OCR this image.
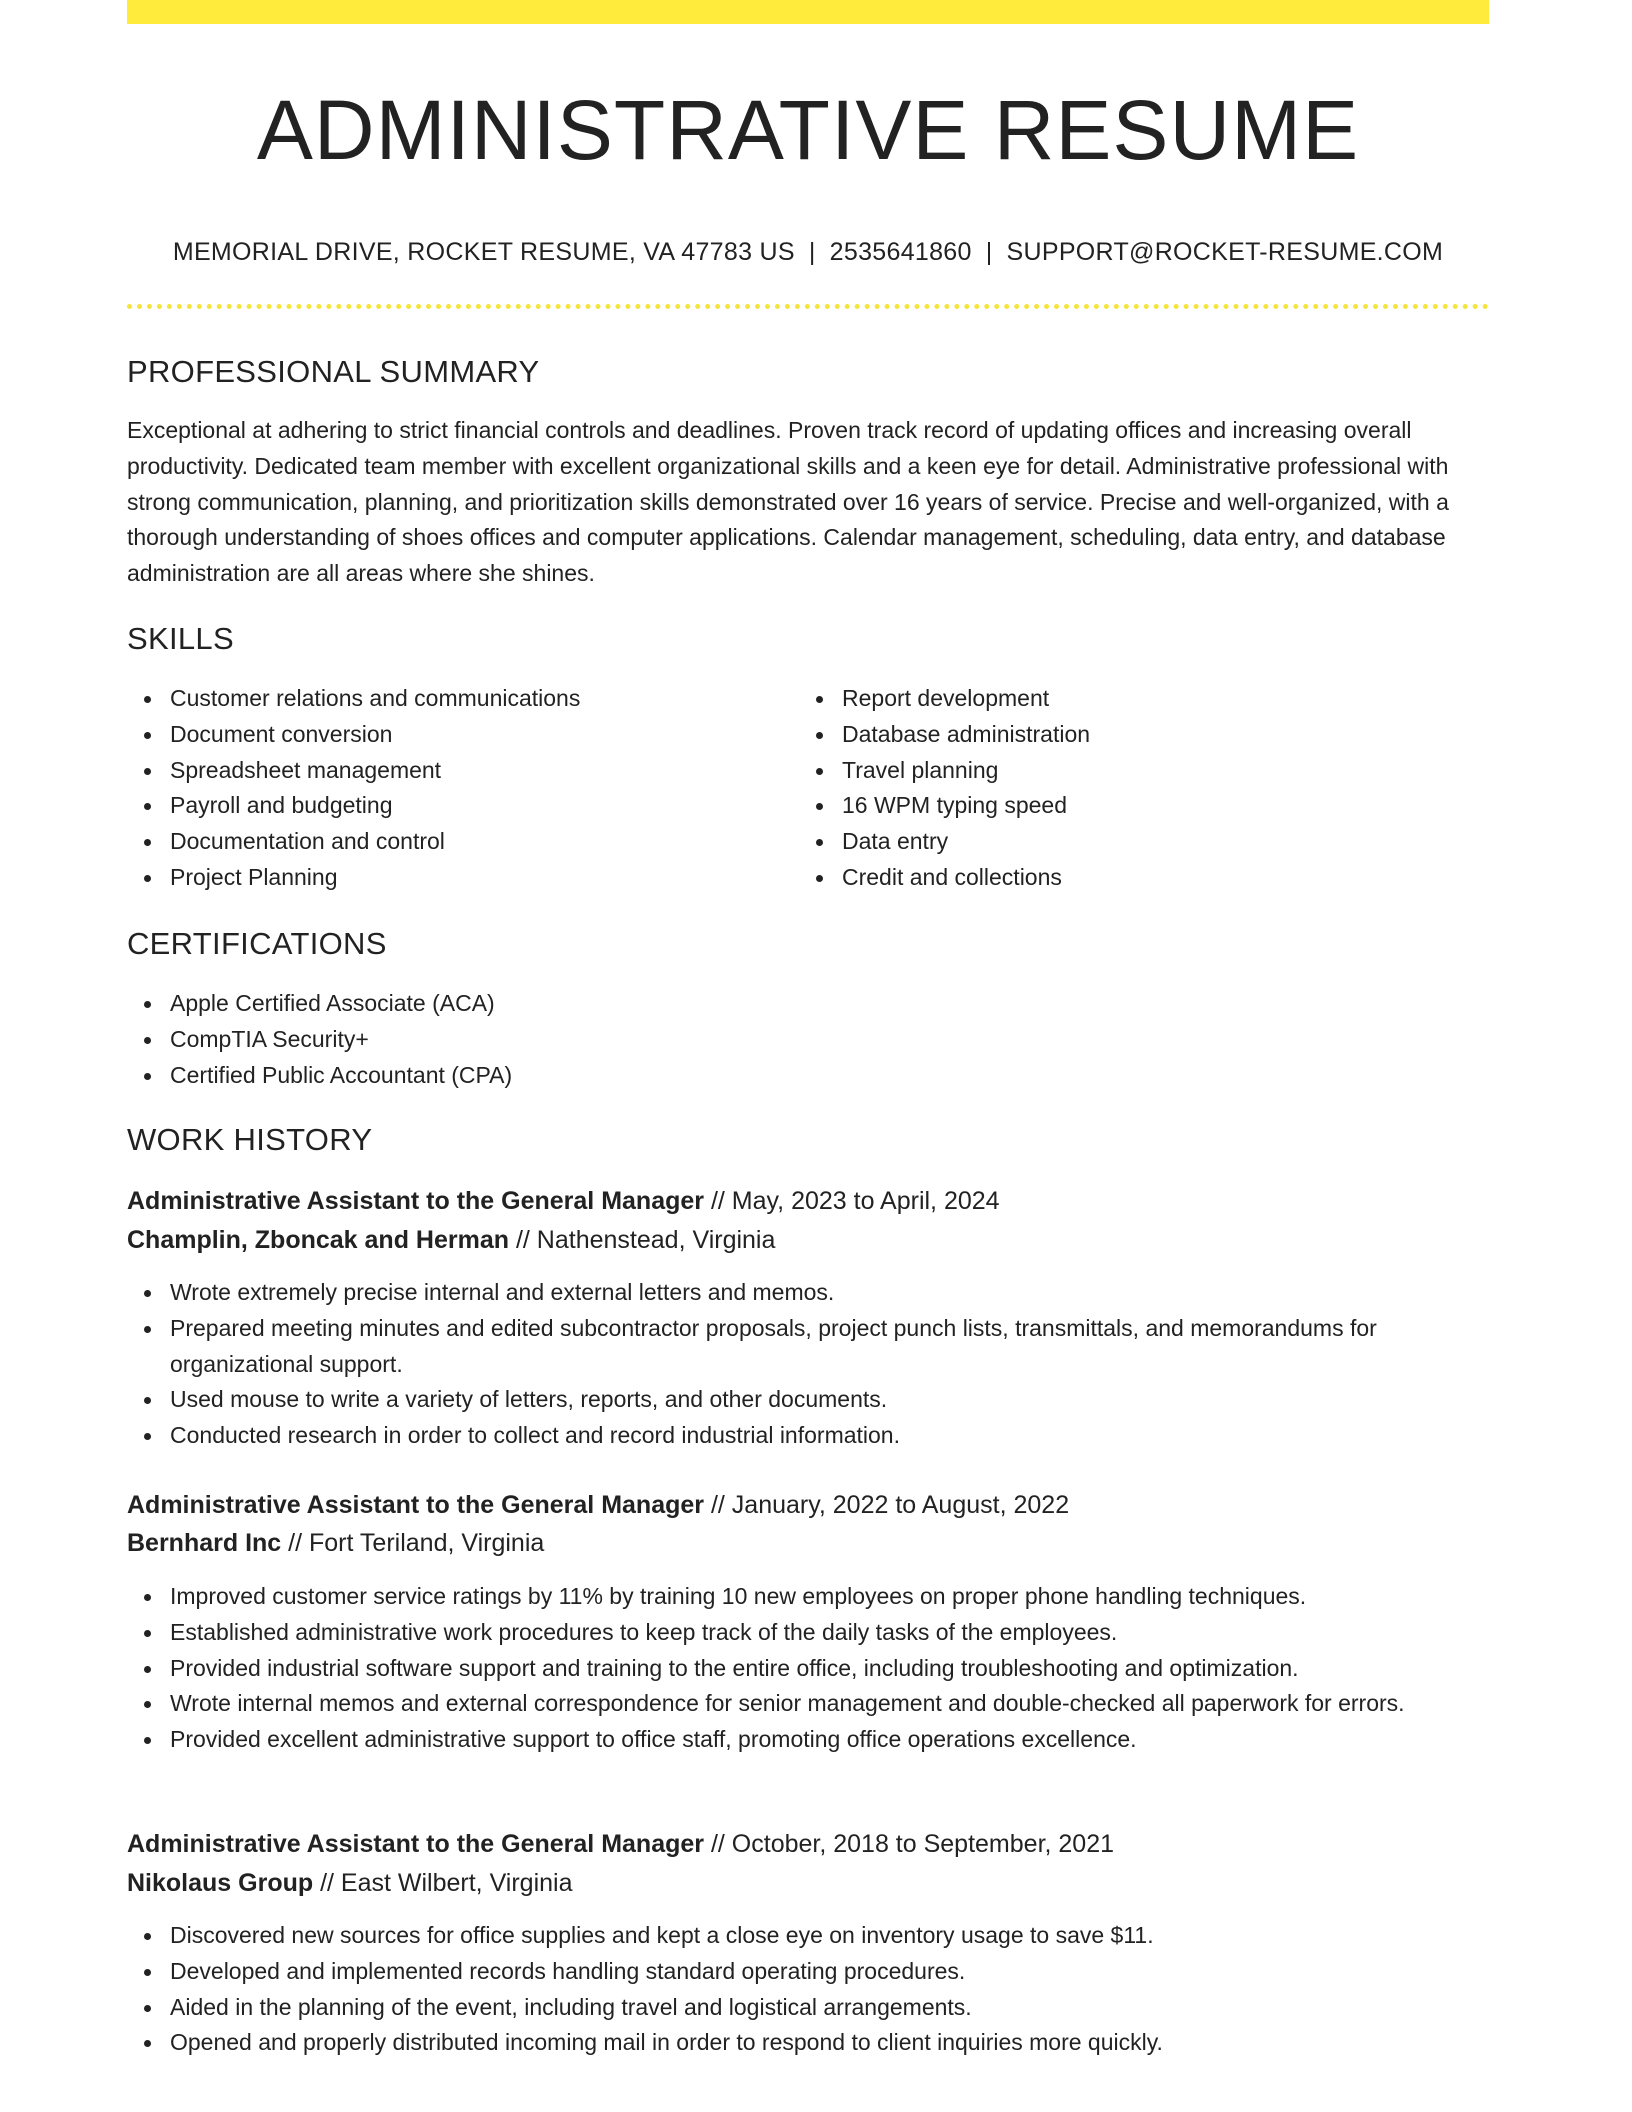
ADMINISTRATIVE RESUME
MEMORIAL DRIVE, ROCKET RESUME, VA 47783 US | 2535641860 | SUPPORT@ROCKET-RESUME.COM
PROFESSIONAL SUMMARY

Exceptional at adhering to strict financial controls and deadlines. Proven track record of updating offices and increasing overall productivity. Dedicated team member with excellent organizational skills and a keen eye for detail. Administrative professional with strong communication, planning, and prioritization skills demonstrated over 16 years of service. Precise and well-organized, with a thorough understanding of shoes offices and computer applications. Calendar management, scheduling, data entry, and database administration are all areas where she shines.

SKILLS
Customer relations and communications
Document conversion
Spreadsheet management
Payroll and budgeting
Documentation and control
Project Planning
Report development
Database administration
Travel planning
16 WPM typing speed
Data entry
Credit and collections
CERTIFICATIONS
Apple Certified Associate (ACA)
CompTIA Security+
Certified Public Accountant (CPA)
WORK HISTORY
Administrative Assistant to the General Manager // May, 2023 to April, 2024
Champlin, Zboncak and Herman // Nathenstead, Virginia
Wrote extremely precise internal and external letters and memos.
Prepared meeting minutes and edited subcontractor proposals, project punch lists, transmittals, and memorandums for organizational support.
Used mouse to write a variety of letters, reports, and other documents.
Conducted research in order to collect and record industrial information.
Administrative Assistant to the General Manager // January, 2022 to August, 2022
Bernhard Inc // Fort Teriland, Virginia
Improved customer service ratings by 11% by training 10 new employees on proper phone handling techniques.
Established administrative work procedures to keep track of the daily tasks of the employees.
Provided industrial software support and training to the entire office, including troubleshooting and optimization.
Wrote internal memos and external correspondence for senior management and double-checked all paperwork for errors.
Provided excellent administrative support to office staff, promoting office operations excellence.
Administrative Assistant to the General Manager // October, 2018 to September, 2021
Nikolaus Group // East Wilbert, Virginia
Discovered new sources for office supplies and kept a close eye on inventory usage to save $11.
Developed and implemented records handling standard operating procedures.
Aided in the planning of the event, including travel and logistical arrangements.
Opened and properly distributed incoming mail in order to respond to client inquiries more quickly.
